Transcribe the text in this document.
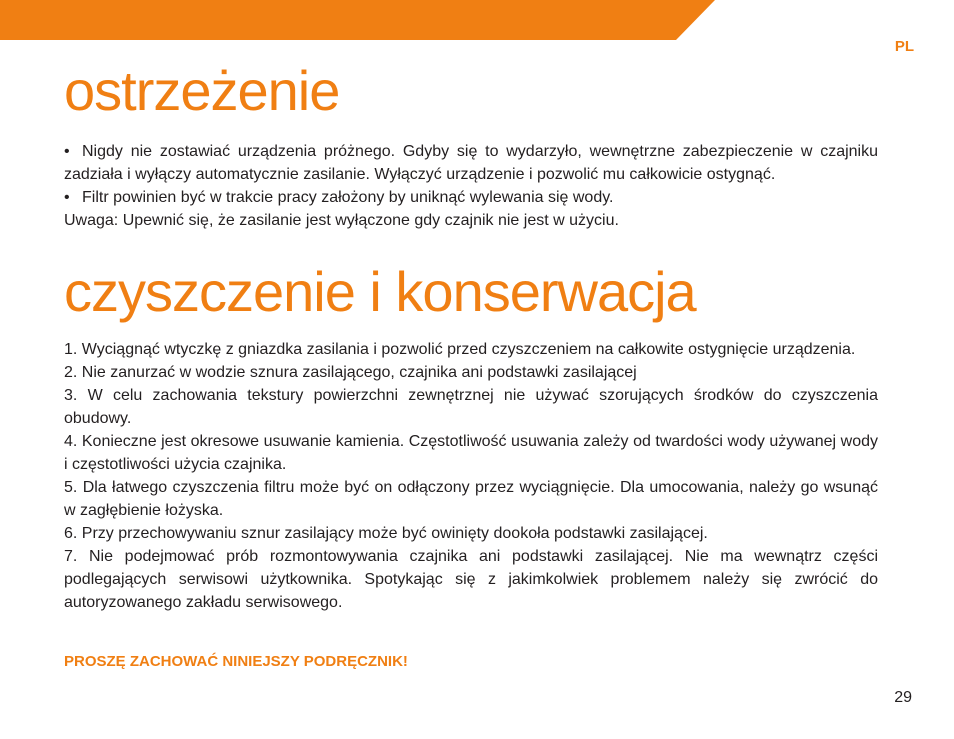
PL
ostrzeżenie

• Nigdy nie zostawiać urządzenia próżnego. Gdyby się to wydarzyło, wewnętrzne zabezpieczenie w czajniku zadziała i wyłączy automatycznie zasilanie. Wyłączyć urządzenie i pozwolić mu całkowicie ostygnąć.

• Filtr powinien być w trakcie pracy założony by uniknąć wylewania się wody.

Uwaga: Upewnić się, że zasilanie jest wyłączone gdy czajnik nie jest w użyciu.

czyszczenie i konserwacja

1. Wyciągnąć wtyczkę z gniazdka zasilania i pozwolić przed czyszczeniem na całkowite ostygnięcie urządzenia.

2. Nie zanurzać w wodzie sznura zasilającego, czajnika ani podstawki zasilającej

3. W celu zachowania tekstury powierzchni zewnętrznej nie używać szorujących środków do czyszczenia obudowy.

4. Konieczne jest okresowe usuwanie kamienia. Częstotliwość usuwania zależy od twardości wody używanej wody i częstotliwości użycia czajnika.

5. Dla łatwego czyszczenia filtru może być on odłączony przez wyciągnięcie. Dla umocowania, należy go wsunąć w zagłębienie łożyska.

6. Przy przechowywaniu sznur zasilający może być owinięty dookoła podstawki zasilającej.

7. Nie podejmować prób rozmontowywania czajnika ani podstawki zasilającej. Nie ma wewnątrz części podlegających serwisowi użytkownika. Spotykając się z jakimkolwiek problemem należy się zwrócić do autoryzowanego zakładu serwisowego.

PROSZĘ ZACHOWAĆ NINIEJSZY PODRĘCZNIK!
29
